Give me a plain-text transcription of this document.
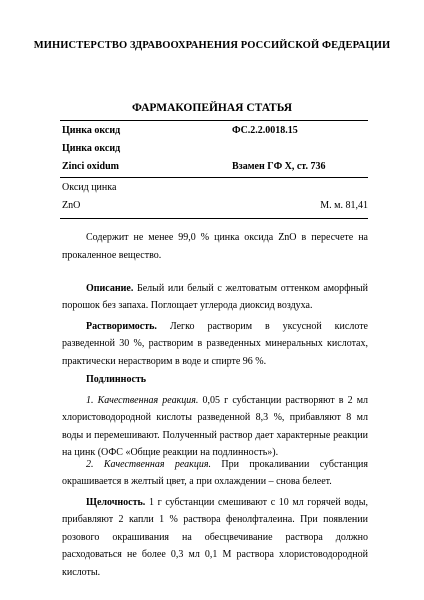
МИНИСТЕРСТВО ЗДРАВООХРАНЕНИЯ РОССИЙСКОЙ ФЕДЕРАЦИИ
ФАРМАКОПЕЙНАЯ СТАТЬЯ
Цинка оксид	ФС.2.2.0018.15
Цинка оксид
Zinci oxidum	Взамен ГФ Х, ст. 736
Оксид цинка
ZnO	М. м. 81,41
Содержит не менее 99,0 % цинка оксида ZnO в пересчете на
прокаленное вещество.
Описание. Белый или белый с желтоватым оттенком аморфный порошок без запаха. Поглощает углерода диоксид воздуха.
Растворимость. Легко растворим в уксусной кислоте разведенной 30 %, растворим в разведенных минеральных кислотах, практически нерастворим в воде и спирте 96 %.
Подлинность
1. Качественная реакция. 0,05 г субстанции растворяют в 2 мл хлористоводородной кислоты разведенной 8,3 %, прибавляют 8 мл воды и перемешивают. Полученный раствор дает характерные реакции на цинк (ОФС «Общие реакции на подлинность»).
2. Качественная реакция. При прокаливании субстанция окрашивается в желтый цвет, а при охлаждении – снова белеет.
Щелочность. 1 г субстанции смешивают с 10 мл горячей воды, прибавляют 2 капли 1 % раствора фенолфталеина. При появлении розового окрашивания на обесцвечивание раствора должно расходоваться не более 0,3 мл 0,1 М раствора хлористоводородной кислоты.
